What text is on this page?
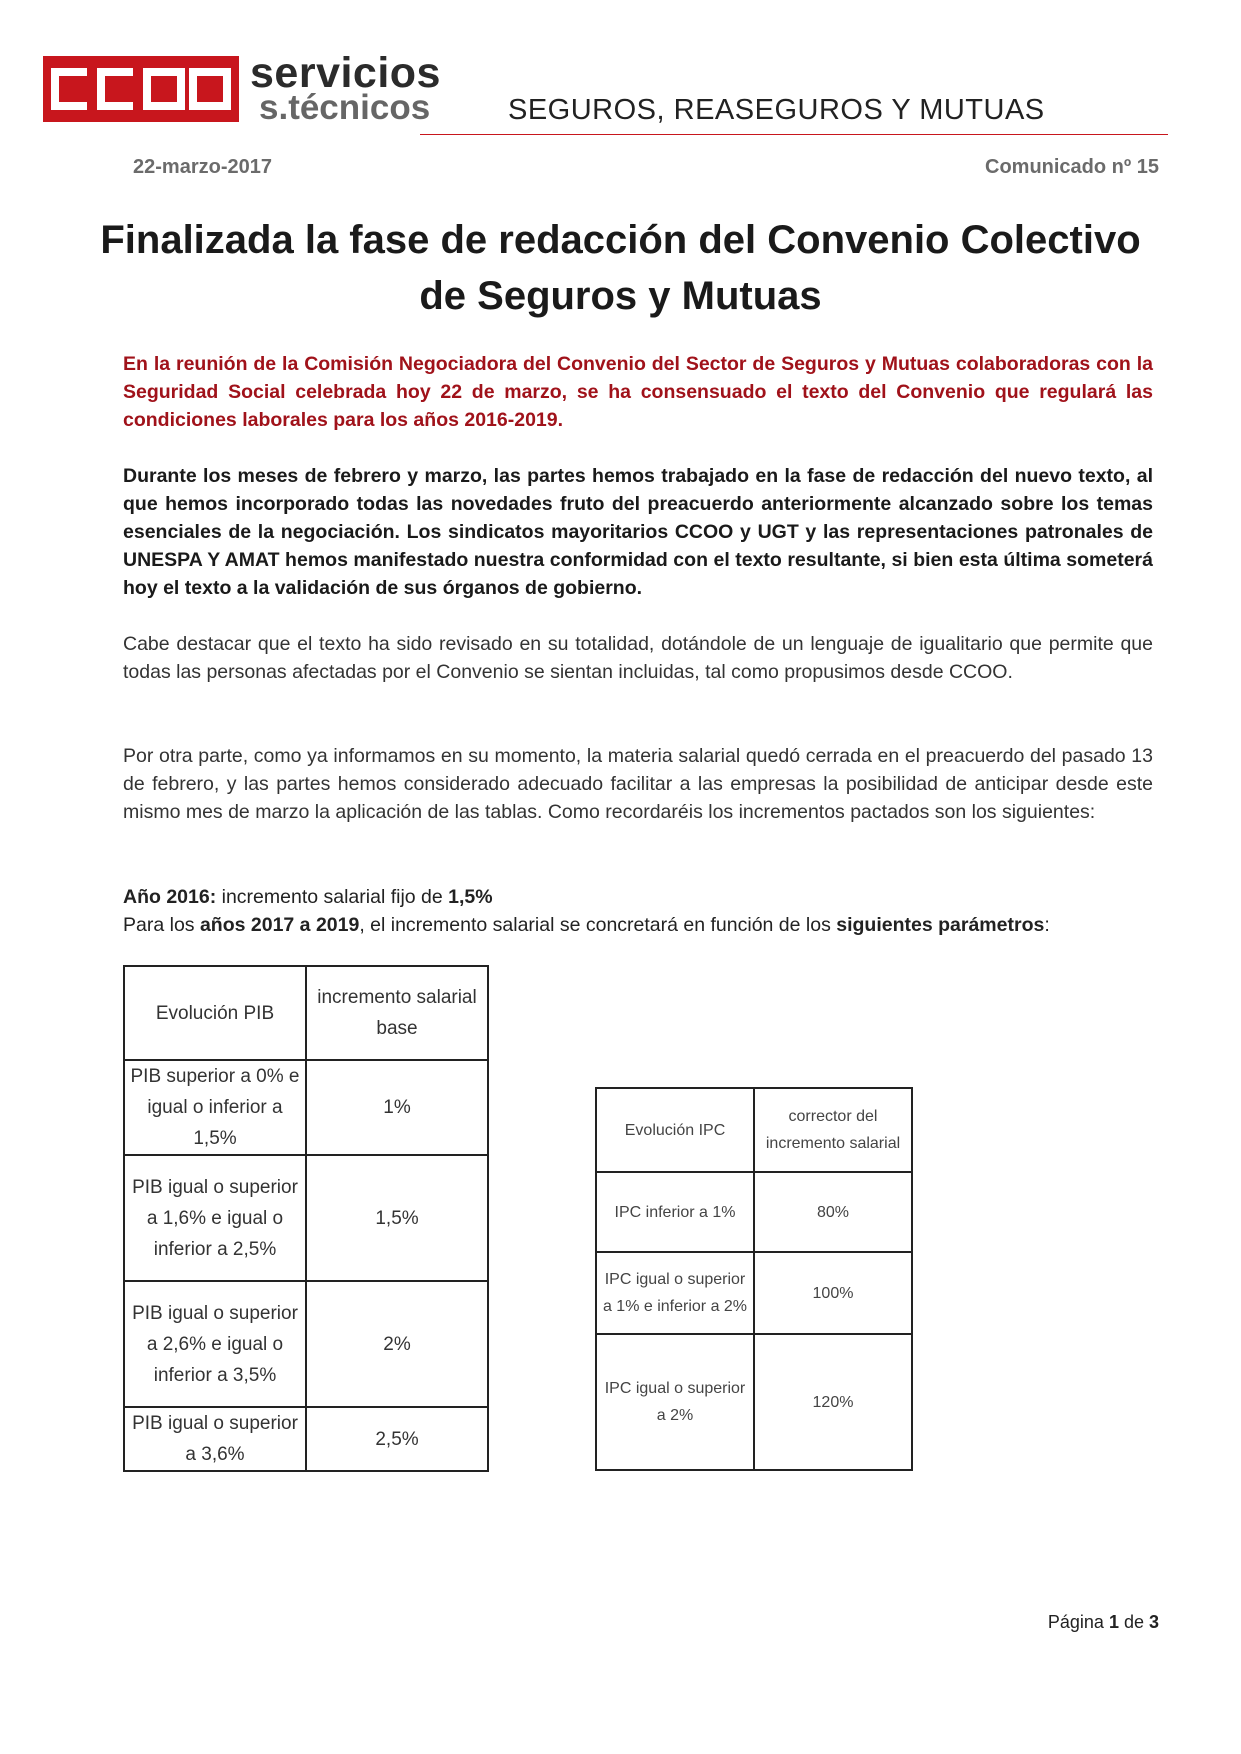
CCOO	servicios
s.técnicos	SEGUROS, REASEGUROS Y MUTUAS
22-marzo-2017	Comunicado nº 15
Finalizada la fase de redacción del Convenio Colectivo
de Seguros y Mutuas
En la reunión de la Comisión Negociadora del Convenio del Sector de Seguros y Mutuas colaboradoras con la Seguridad Social celebrada hoy 22 de marzo, se ha consensuado el texto del Convenio que regulará las condiciones laborales para los años 2016-2019.
Durante los meses de febrero y marzo, las partes hemos trabajado en la fase de redacción del nuevo texto, al que hemos incorporado todas las novedades fruto del preacuerdo anteriormente alcanzado sobre los temas esenciales de la negociación. Los sindicatos mayoritarios CCOO y UGT y las representaciones patronales de UNESPA Y AMAT hemos manifestado nuestra conformidad con el texto resultante, si bien esta última someterá hoy el texto a la validación de sus órganos de gobierno.
Cabe destacar que el texto ha sido revisado en su totalidad, dotándole de un lenguaje de igualitario que permite que todas las personas afectadas por el Convenio se sientan incluidas, tal como propusimos desde CCOO.
Por otra parte, como ya informamos en su momento, la materia salarial quedó cerrada en el preacuerdo del pasado 13 de febrero, y las partes hemos considerado adecuado facilitar a las empresas la posibilidad de anticipar desde este mismo mes de marzo la aplicación de las tablas. Como recordaréis los incrementos pactados son los siguientes:
Año 2016: incremento salarial fijo de 1,5%
Para los años 2017 a 2019, el incremento salarial se concretará en función de los siguientes parámetros:
Evolución PIB	incremento salarial base
PIB superior a 0% e igual o inferior a 1,5%	1%
PIB igual o superior a 1,6% e igual o inferior a 2,5%	1,5%
PIB igual o superior a 2,6% e igual o inferior a 3,5%	2%
PIB igual o superior a 3,6%	2,5%
Evolución IPC	corrector del incremento salarial
IPC inferior a 1%	80%
IPC igual o superior a 1% e inferior a 2%	100%
IPC igual o superior a 2%	120%
Página 1 de 3
